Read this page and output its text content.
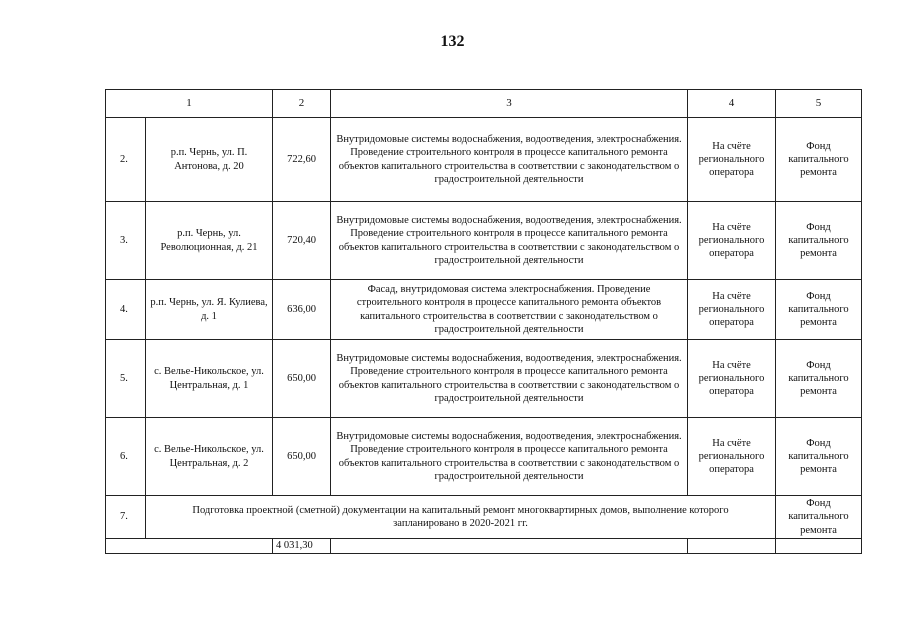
132
1		2	3	4	5
2.	р.п. Чернь, ул. П. Антонова, д. 20	722,60	Внутридомовые системы водоснабжения, водоотведения, электроснабжения. Проведение строительного контроля в процессе капитального ремонта объектов капитального строительства в соответствии с законодательством о градостроительной деятельности	На счёте регионального оператора	Фонд капитального ремонта
3.	р.п. Чернь, ул. Революционная, д. 21	720,40	Внутридомовые системы водоснабжения, водоотведения, электроснабжения. Проведение строительного контроля в процессе капитального ремонта объектов капитального строительства в соответствии с законодательством о градостроительной деятельности	На счёте регионального оператора	Фонд капитального ремонта
4.	р.п. Чернь, ул. Я. Кулиева, д. 1	636,00	Фасад, внутридомовая система электроснабжения. Проведение строительного контроля в процессе капитального ремонта объектов капитального строительства в соответствии с законодательством о градостроительной деятельности	На счёте регионального оператора	Фонд капитального ремонта
5.	с. Велье-Никольское, ул. Центральная, д. 1	650,00	Внутридомовые системы водоснабжения, водоотведения, электроснабжения. Проведение строительного контроля в процессе капитального ремонта объектов капитального строительства в соответствии с законодательством о градостроительной деятельности	На счёте регионального оператора	Фонд капитального ремонта
6.	с. Велье-Никольское, ул. Центральная, д. 2	650,00	Внутридомовые системы водоснабжения, водоотведения, электроснабжения. Проведение строительного контроля в процессе капитального ремонта объектов капитального строительства в соответствии с законодательством о градостроительной деятельности	На счёте регионального оператора	Фонд капитального ремонта
7.	Подготовка проектной (сметной) документации на капитальный ремонт многоквартирных домов, выполнение которого запланировано в 2020-2021 гг.				Фонд капитального ремонта
		4 031,30			
